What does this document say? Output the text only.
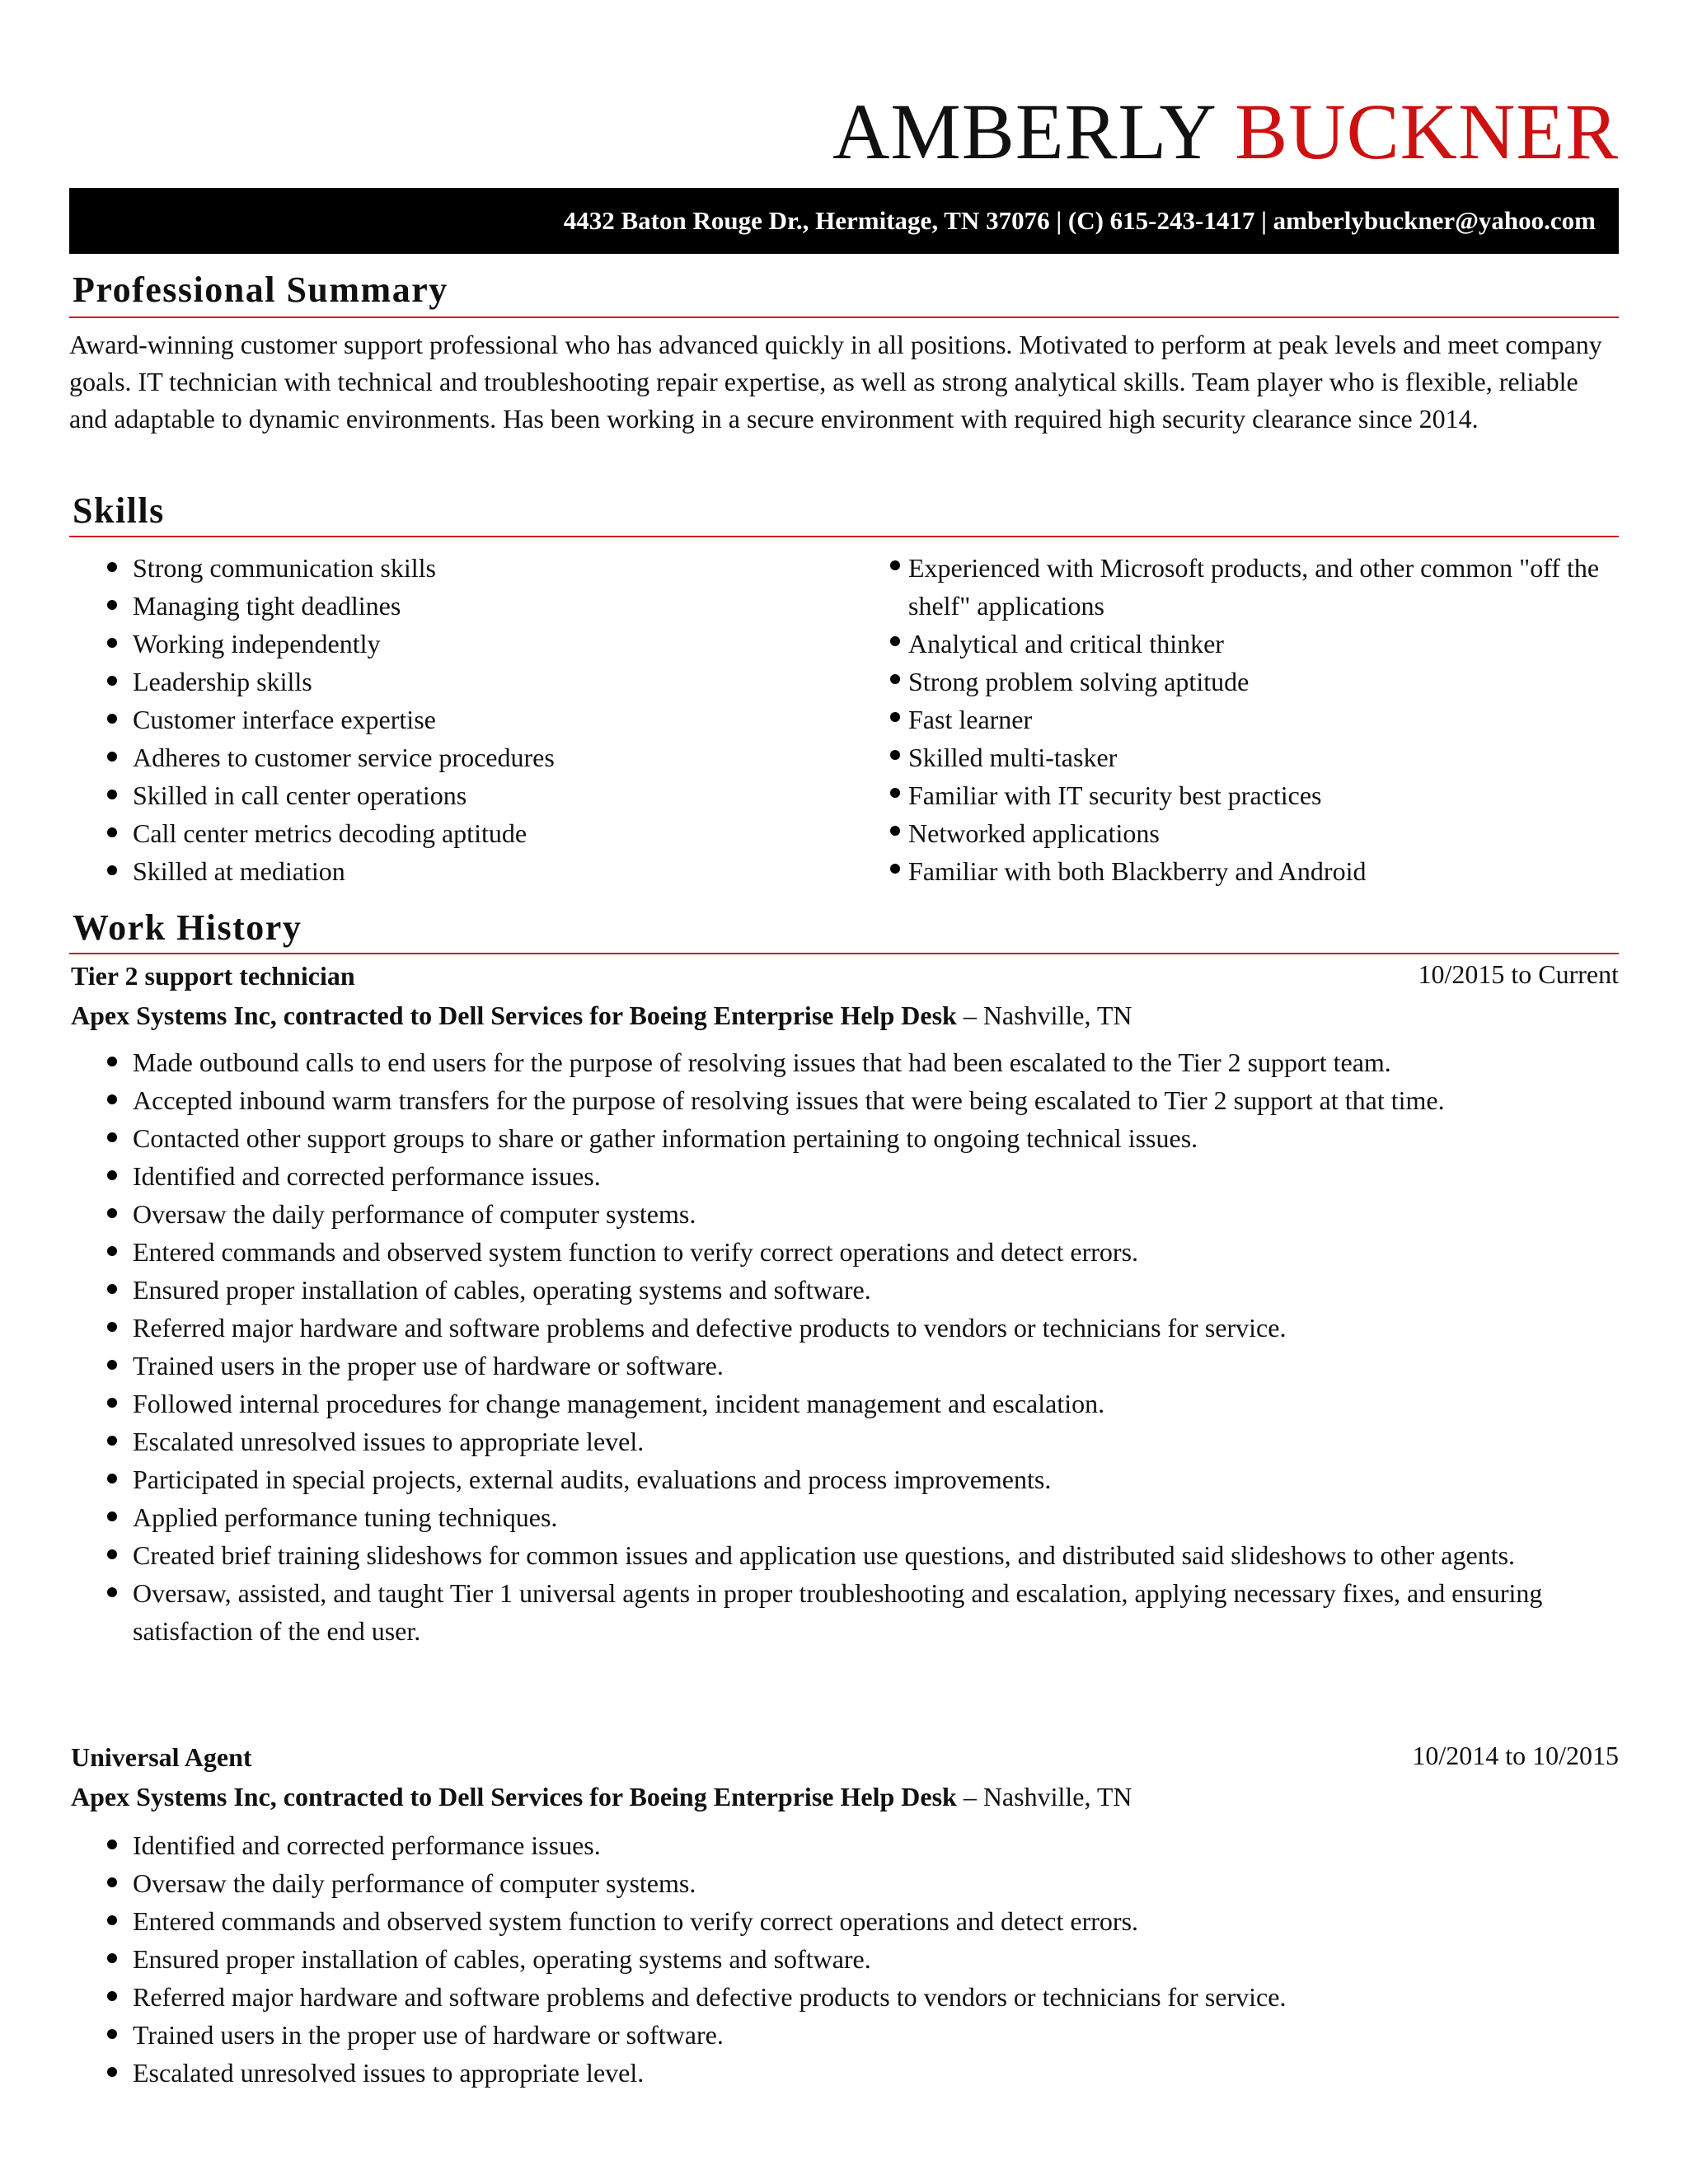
AMBERLY BUCKNER
4432 Baton Rouge Dr., Hermitage, TN 37076 | (C) 615-243-1417 | amberlybuckner@yahoo.com
Professional Summary
Award-winning customer support professional who has advanced quickly in all positions. Motivated to perform at peak levels and meet company goals. IT technician with technical and troubleshooting repair expertise, as well as strong analytical skills. Team player who is flexible, reliable and adaptable to dynamic environments. Has been working in a secure environment with required high security clearance since 2014.
Skills
Strong communication skills
Managing tight deadlines
Working independently
Leadership skills
Customer interface expertise
Adheres to customer service procedures
Skilled in call center operations
Call center metrics decoding aptitude
Skilled at mediation
Experienced with Microsoft products, and other common "off the shelf" applications
Analytical and critical thinker
Strong problem solving aptitude
Fast learner
Skilled multi-tasker
Familiar with IT security best practices
Networked applications
Familiar with both Blackberry and Android
Work History
Tier 2 support technician	10/2015 to Current
Apex Systems Inc, contracted to Dell Services for Boeing Enterprise Help Desk – Nashville, TN
Made outbound calls to end users for the purpose of resolving issues that had been escalated to the Tier 2 support team.
Accepted inbound warm transfers for the purpose of resolving issues that were being escalated to Tier 2 support at that time.
Contacted other support groups to share or gather information pertaining to ongoing technical issues.
Identified and corrected performance issues.
Oversaw the daily performance of computer systems.
Entered commands and observed system function to verify correct operations and detect errors.
Ensured proper installation of cables, operating systems and software.
Referred major hardware and software problems and defective products to vendors or technicians for service.
Trained users in the proper use of hardware or software.
Followed internal procedures for change management, incident management and escalation.
Escalated unresolved issues to appropriate level.
Participated in special projects, external audits, evaluations and process improvements.
Applied performance tuning techniques.
Created brief training slideshows for common issues and application use questions, and distributed said slideshows to other agents.
Oversaw, assisted, and taught Tier 1 universal agents in proper troubleshooting and escalation, applying necessary fixes, and ensuring satisfaction of the end user.
Universal Agent	10/2014 to 10/2015
Apex Systems Inc, contracted to Dell Services for Boeing Enterprise Help Desk – Nashville, TN
Identified and corrected performance issues.
Oversaw the daily performance of computer systems.
Entered commands and observed system function to verify correct operations and detect errors.
Ensured proper installation of cables, operating systems and software.
Referred major hardware and software problems and defective products to vendors or technicians for service.
Trained users in the proper use of hardware or software.
Escalated unresolved issues to appropriate level.
